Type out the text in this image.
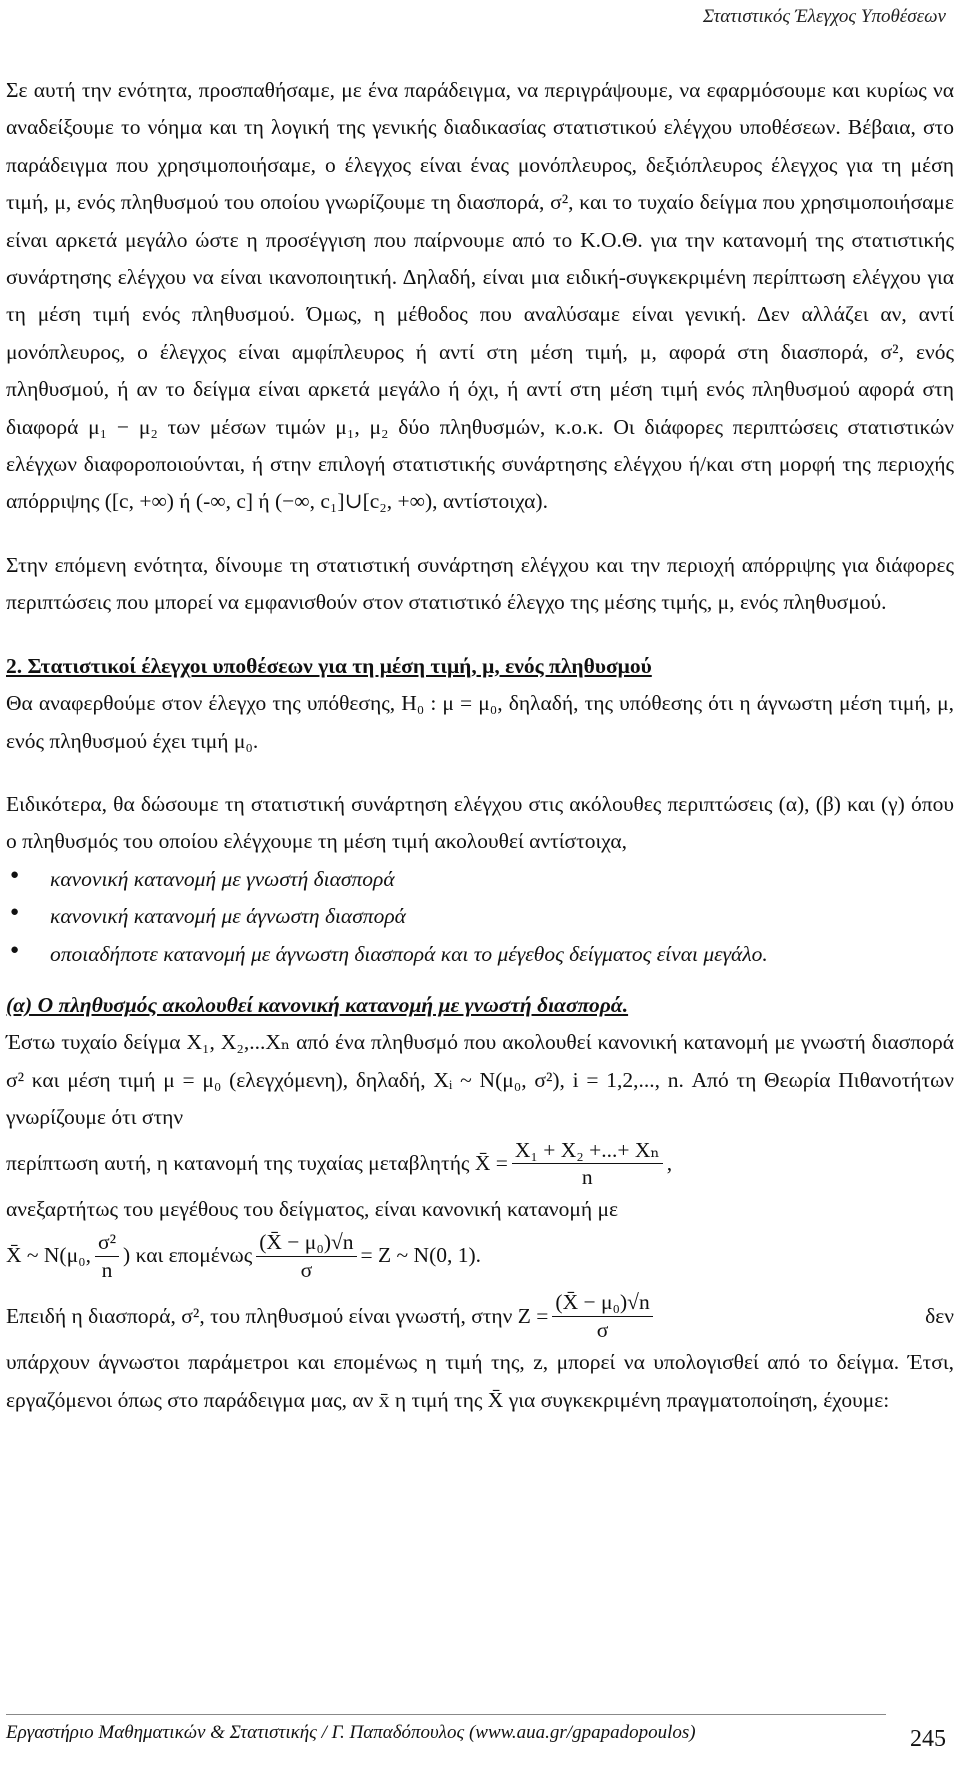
Στατιστικός Έλεγχος Υποθέσεων

Σε αυτή την ενότητα, προσπαθήσαμε, με ένα παράδειγμα, να περιγράψουμε, να εφαρμόσουμε και κυρίως να αναδείξουμε το νόημα και τη λογική της γενικής διαδικασίας στατιστικού ελέγχου υποθέσεων. Βέβαια, στο παράδειγμα που χρησιμοποιήσαμε, ο έλεγχος είναι ένας μονόπλευρος, δεξιόπλευρος έλεγχος για τη μέση τιμή, μ, ενός πληθυσμού του οποίου γνωρίζουμε τη διασπορά, σ², και το τυχαίο δείγμα που χρησιμοποιήσαμε είναι αρκετά μεγάλο ώστε η προσέγγιση που παίρνουμε από το Κ.Ο.Θ. για την κατανομή της στατιστικής συνάρτησης ελέγχου να είναι ικανοποιητική. Δηλαδή, είναι μια ειδική-συγκεκριμένη περίπτωση ελέγχου για τη μέση τιμή ενός πληθυσμού. Όμως, η μέθοδος που αναλύσαμε είναι γενική. Δεν αλλάζει αν, αντί μονόπλευρος, ο έλεγχος είναι αμφίπλευρος ή αντί στη μέση τιμή, μ, αφορά στη διασπορά, σ², ενός πληθυσμού, ή αν το δείγμα είναι αρκετά μεγάλο ή όχι, ή αντί στη μέση τιμή ενός πληθυσμού αφορά στη διαφορά μ₁ − μ₂ των μέσων τιμών μ₁, μ₂ δύο πληθυσμών, κ.ο.κ. Οι διάφορες περιπτώσεις στατιστικών ελέγχων διαφοροποιούνται, ή στην επιλογή στατιστικής συνάρτησης ελέγχου ή/και στη μορφή της περιοχής απόρριψης ([c, +∞) ή (-∞, c] ή (−∞, c₁]∪[c₂, +∞), αντίστοιχα).

Στην επόμενη ενότητα, δίνουμε τη στατιστική συνάρτηση ελέγχου και την περιοχή απόρριψης για διάφορες περιπτώσεις που μπορεί να εμφανισθούν στον στατιστικό έλεγχο της μέσης τιμής, μ, ενός πληθυσμού.

2. Στατιστικοί έλεγχοι υποθέσεων για τη μέση τιμή, μ, ενός πληθυσμού

Θα αναφερθούμε στον έλεγχο της υπόθεσης, H₀ : μ = μ₀, δηλαδή, της υπόθεσης ότι η άγνωστη μέση τιμή, μ, ενός πληθυσμού έχει τιμή μ₀.

Ειδικότερα, θα δώσουμε τη στατιστική συνάρτηση ελέγχου στις ακόλουθες περιπτώσεις (α), (β) και (γ) όπου ο πληθυσμός του οποίου ελέγχουμε τη μέση τιμή ακολουθεί αντίστοιχα,

● κανονική κατανομή με γνωστή διασπορά
● κανονική κατανομή με άγνωστη διασπορά
● οποιαδήποτε κατανομή με άγνωστη διασπορά και το μέγεθος δείγματος είναι μεγάλο.

(α) Ο πληθυσμός ακολουθεί κανονική κατανομή με γνωστή διασπορά.

Έστω τυχαίο δείγμα X₁, X₂,...Xₙ από ένα πληθυσμό που ακολουθεί κανονική κατανομή με γνωστή διασπορά σ² και μέση τιμή μ = μ₀ (ελεγχόμενη), δηλαδή, Xᵢ ~ N(μ₀, σ²), i = 1,2,..., n. Από τη Θεωρία Πιθανοτήτων γνωρίζουμε ότι στην

περίπτωση αυτή, η κατανομή της τυχαίας μεταβλητής X̄ = $\frac{\text{X₁ + X₂ +...+ Xₙ}}{n}$ ,

ανεξαρτήτως του μεγέθους του δείγματος, είναι κανονική κατανομή με

X̄ ~ N(μ₀, $\frac{\text{σ²}}{n}$ ) και επομένως $\frac{\text{(X̄ − μ₀)√n}}{\sigma} = Z$ ~ N(0, 1).
Επειδή η διασπορά, σ², του πληθυσμού είναι γνωστή, στην $Z = \frac{\text{(X̄ − μ₀)√n}}{\sigma}$	δεν

υπάρχουν άγνωστοι παράμετροι και επομένως η τιμή της, z, μπορεί να υπολογισθεί από το δείγμα. Έτσι, εργαζόμενοι όπως στο παράδειγμα μας, αν x̄ η τιμή της X̄ για συγκεκριμένη πραγματοποίηση, έχουμε:

Εργαστήριο Μαθηματικών & Στατιστικής / Γ. Παπαδόπουλος (www.aua.gr/gpapadopoulos)	245
